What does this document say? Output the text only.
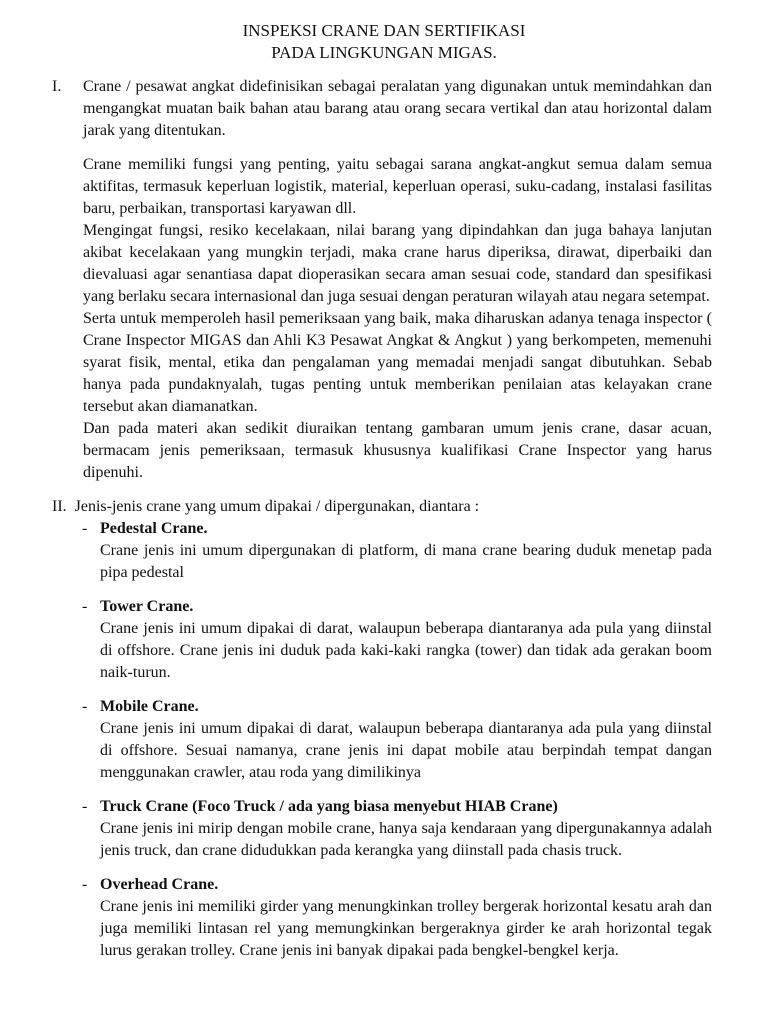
INSPEKSI CRANE DAN SERTIFIKASI
PADA LINGKUNGAN MIGAS.
I. Crane / pesawat angkat didefinisikan sebagai peralatan yang digunakan untuk memindahkan dan mengangkat muatan baik bahan atau barang atau orang secara vertikal dan atau horizontal dalam jarak yang ditentukan.

Crane memiliki fungsi yang penting, yaitu sebagai sarana angkat-angkut semua dalam semua aktifitas, termasuk keperluan logistik, material, keperluan operasi, suku-cadang, instalasi fasilitas baru, perbaikan, transportasi karyawan dll.

Mengingat fungsi, resiko kecelakaan, nilai barang yang dipindahkan dan juga bahaya lanjutan akibat kecelakaan yang mungkin terjadi, maka crane harus diperiksa, dirawat, diperbaiki dan dievaluasi agar senantiasa dapat dioperasikan secara aman sesuai code, standard dan spesifikasi yang berlaku secara internasional dan juga sesuai dengan peraturan wilayah atau negara setempat.

Serta untuk memperoleh hasil pemeriksaan yang baik, maka diharuskan adanya tenaga inspector ( Crane Inspector MIGAS dan Ahli K3 Pesawat Angkat & Angkut ) yang berkompeten, memenuhi syarat fisik, mental, etika dan pengalaman yang memadai menjadi sangat dibutuhkan. Sebab hanya pada pundaknyalah, tugas penting untuk memberikan penilaian atas kelayakan crane tersebut akan diamanatkan.

Dan pada materi akan sedikit diuraikan tentang gambaran umum jenis crane, dasar acuan, bermacam jenis pemeriksaan, termasuk khususnya kualifikasi Crane Inspector yang harus dipenuhi.

II. Jenis-jenis crane yang umum dipakai / dipergunakan, diantara :

- Pedestal Crane.
Crane jenis ini umum dipergunakan di platform, di mana crane bearing duduk menetap pada pipa pedestal
- Tower Crane.
Crane jenis ini umum dipakai di darat, walaupun beberapa diantaranya ada pula yang diinstal di offshore. Crane jenis ini duduk pada kaki-kaki rangka (tower) dan tidak ada gerakan boom naik-turun.
- Mobile Crane.
Crane jenis ini umum dipakai di darat, walaupun beberapa diantaranya ada pula yang diinstal di offshore. Sesuai namanya, crane jenis ini dapat mobile atau berpindah tempat dangan menggunakan crawler, atau roda yang dimilikinya
- Truck Crane (Foco Truck / ada yang biasa menyebut HIAB Crane)
Crane jenis ini mirip dengan mobile crane, hanya saja kendaraan yang dipergunakannya adalah jenis truck, dan crane didudukkan pada kerangka yang diinstall pada chasis truck.
- Overhead Crane.
Crane jenis ini memiliki girder yang menungkinkan trolley bergerak horizontal kesatu arah dan juga memiliki lintasan rel yang memungkinkan bergeraknya girder ke arah horizontal tegak lurus gerakan trolley. Crane jenis ini banyak dipakai pada bengkel-bengkel kerja.
